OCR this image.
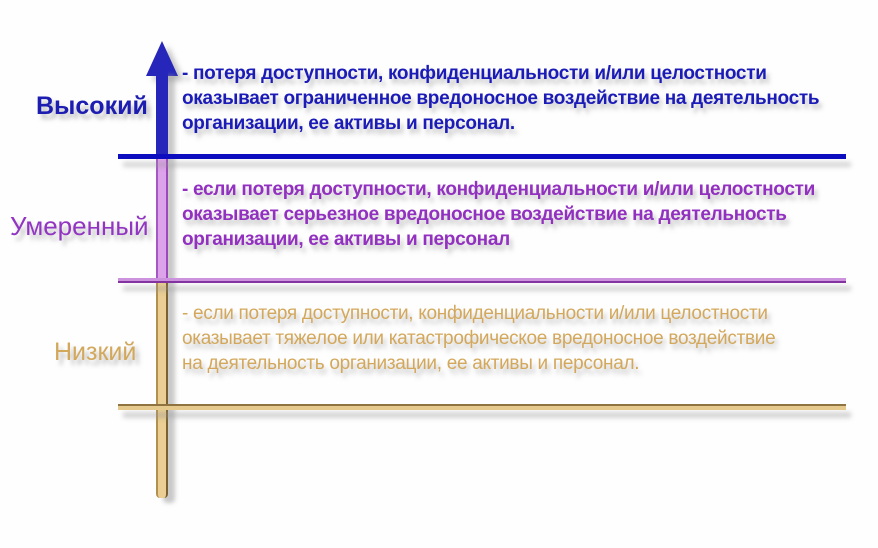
Высокий
Умеренный
Низкий
- потеря доступности, конфиденциальности и/или целостности
оказывает ограниченное вредоносное воздействие на деятельность
организации, ее активы и персонал.
- если потеря доступности, конфиденциальности и/или целостности
оказывает серьезное вредоносное воздействие на деятельность
организации, ее активы и персонал
- если потеря доступности, конфиденциальности и/или целостности
оказывает тяжелое или катастрофическое вредоносное воздействие
на деятельность организации, ее активы и персонал.
